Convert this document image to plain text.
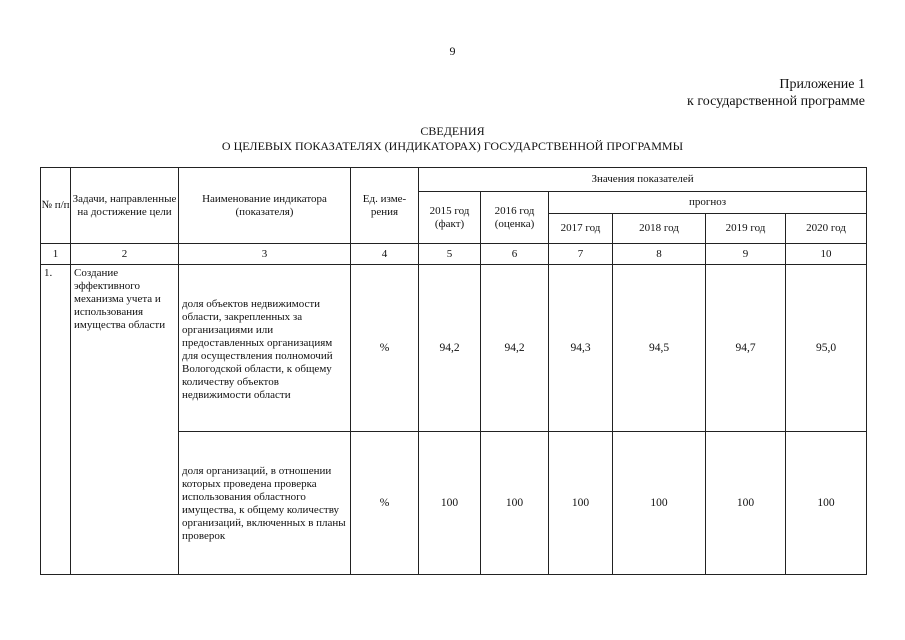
9
Приложение 1
к государственной программе
СВЕДЕНИЯ
О ЦЕЛЕВЫХ ПОКАЗАТЕЛЯХ (ИНДИКАТОРАХ) ГОСУДАРСТВЕННОЙ ПРОГРАММЫ
№ п/п	Задачи, направленные на достижение цели	Наименование индикатора (показателя)	Ед. изме-рения	Значения показателей					
				2015 год (факт)	2016 год (оценка)	прогноз			
						2017 год	2018 год	2019 год	2020 год
1	2	3	4	5	6	7	8	9	10
1.	Создание эффективного механизма учета и использования имущества области	доля объектов недвижимости области, закрепленных за организациями или предоставленных организациям для осуществления полномочий Вологодской области, к общему количеству объектов недвижимости области	%	94,2	94,2	94,3	94,5	94,7	95,0
		доля организаций, в отношении которых проведена проверка использования областного имущества, к общему количеству организаций, включенных в планы проверок	%	100	100	100	100	100	100
